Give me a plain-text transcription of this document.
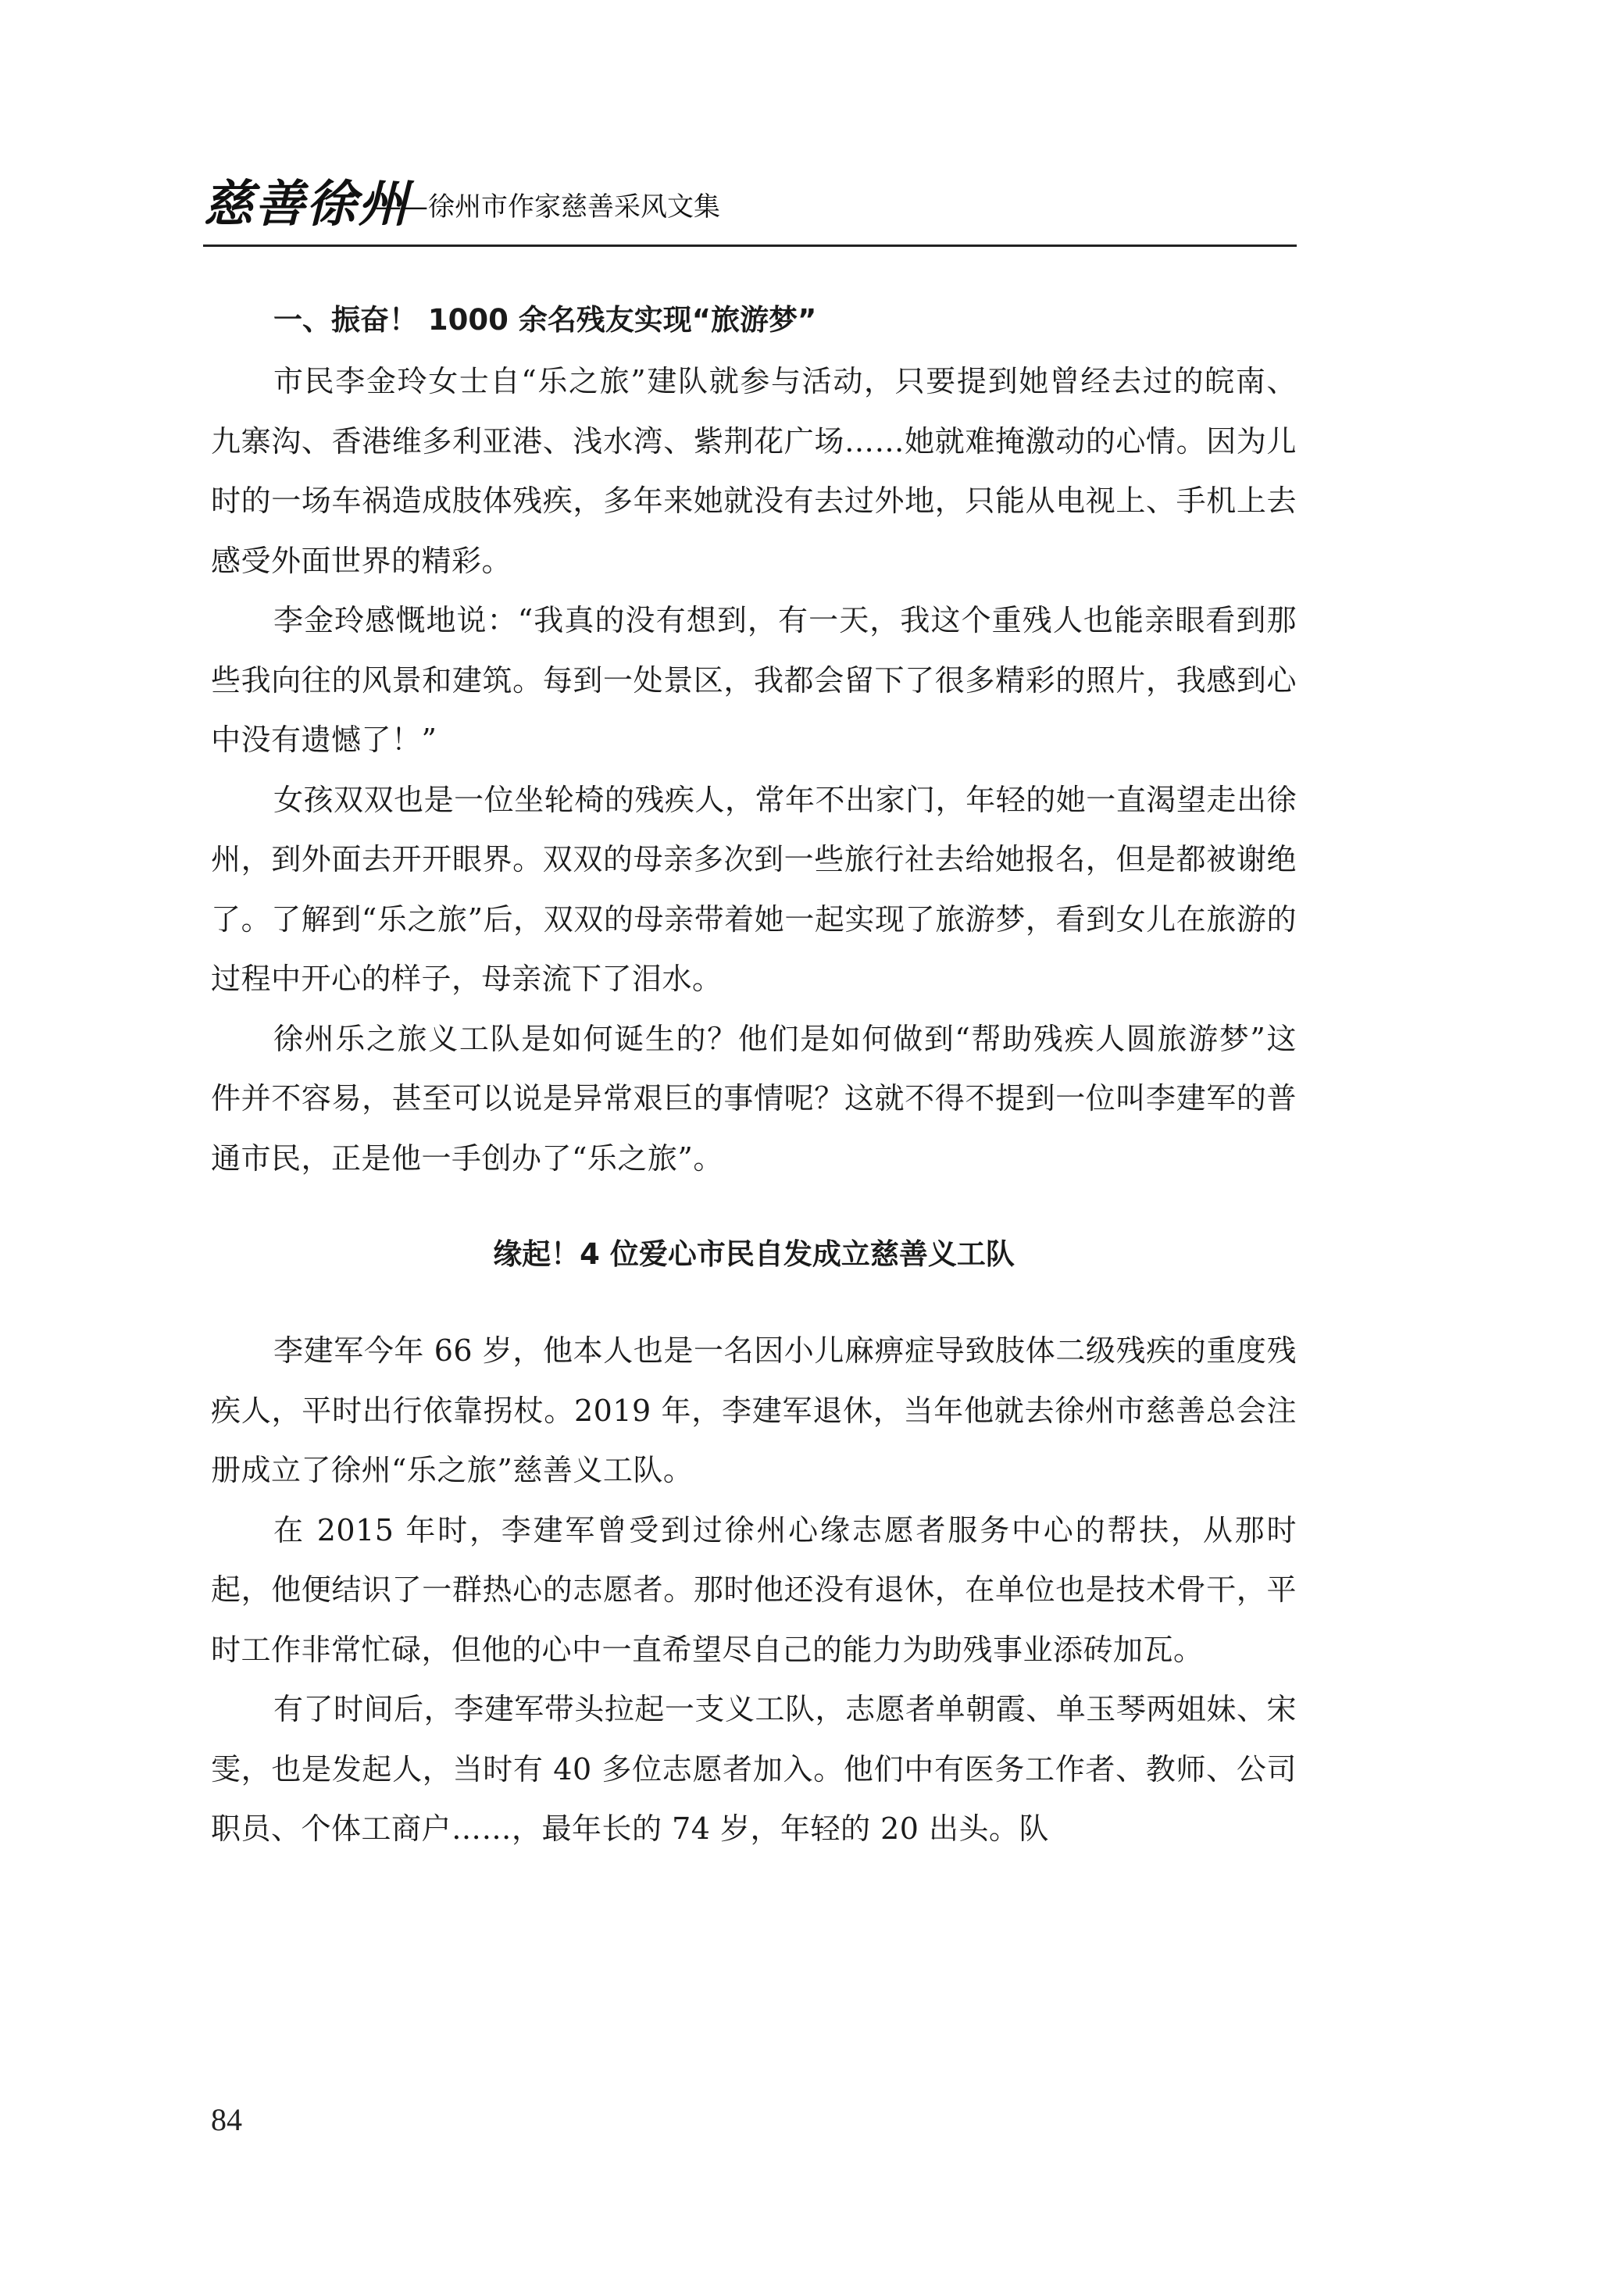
慈善徐州
——徐州市作家慈善采风文集
一、振奋！ 1000 余名残友实现“旅游梦”

市民李金玲女士自“乐之旅”建队就参与活动，只要提到她曾经去过的皖南、九寨沟、香港维多利亚港、浅水湾、紫荆花广场……她就难掩激动的心情。因为儿时的一场车祸造成肢体残疾，多年来她就没有去过外地，只能从电视上、手机上去感受外面世界的精彩。

李金玲感慨地说：“我真的没有想到，有一天，我这个重残人也能亲眼看到那些我向往的风景和建筑。每到一处景区，我都会留下了很多精彩的照片，我感到心中没有遗憾了！”

女孩双双也是一位坐轮椅的残疾人，常年不出家门，年轻的她一直渴望走出徐州，到外面去开开眼界。双双的母亲多次到一些旅行社去给她报名，但是都被谢绝了。了解到“乐之旅”后，双双的母亲带着她一起实现了旅游梦，看到女儿在旅游的过程中开心的样子，母亲流下了泪水。

徐州乐之旅义工队是如何诞生的？他们是如何做到“帮助残疾人圆旅游梦”这件并不容易，甚至可以说是异常艰巨的事情呢？这就不得不提到一位叫李建军的普通市民，正是他一手创办了“乐之旅”。

缘起！4 位爱心市民自发成立慈善义工队

李建军今年 66 岁，他本人也是一名因小儿麻痹症导致肢体二级残疾的重度残疾人，平时出行依靠拐杖。2019 年，李建军退休，当年他就去徐州市慈善总会注册成立了徐州“乐之旅”慈善义工队。

在 2015 年时，李建军曾受到过徐州心缘志愿者服务中心的帮扶，从那时起，他便结识了一群热心的志愿者。那时他还没有退休，在单位也是技术骨干，平时工作非常忙碌，但他的心中一直希望尽自己的能力为助残事业添砖加瓦。

有了时间后，李建军带头拉起一支义工队，志愿者单朝霞、单玉琴两姐妹、宋雯，也是发起人，当时有 40 多位志愿者加入。他们中有医务工作者、教师、公司职员、个体工商户……，最年长的 74 岁，年轻的 20 出头。队

84
